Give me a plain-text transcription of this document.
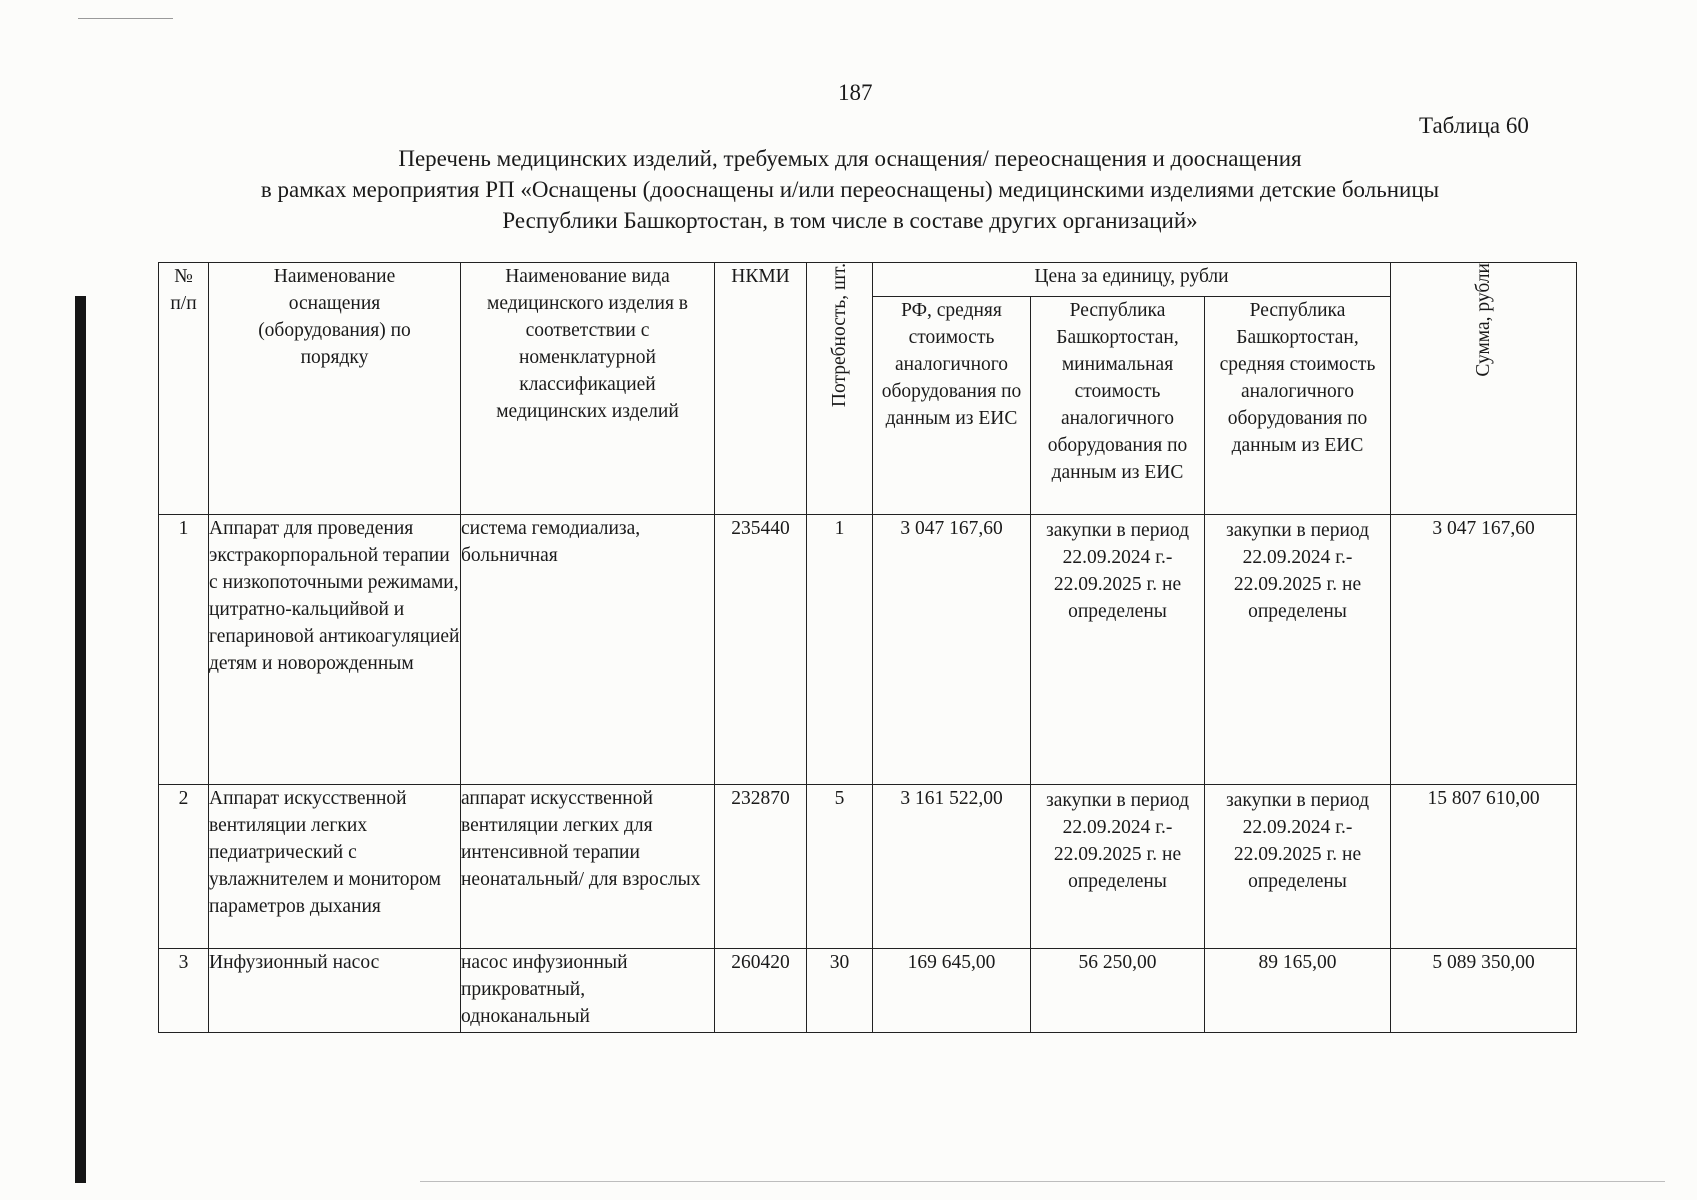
187
Таблица 60
Перечень медицинских изделий, требуемых для оснащения/ переоснащения и дооснащения
в рамках мероприятия РП «Оснащены (дооснащены и/или переоснащены) медицинскими изделиями детские больницы
Республики Башкортостан, в том числе в составе других организаций»
№ п/п	Наименование оснащения (оборудования) по порядку	Наименование вида медицинского изделия в соответствии с номенклатурной классификацией медицинских изделий	НКМИ	Потребность, шт.	Цена за единицу, рубли			Сумма, рубли

					РФ, средняя стоимость аналогичного оборудования по данным из ЕИС	Республика Башкортостан, минимальная стоимость аналогичного оборудования по данным из ЕИС	Республика Башкортостан, средняя стоимость аналогичного оборудования по данным из ЕИС	

1	Аппарат для проведения экстракорпоральной терапии с низкопоточными режимами, цитратно-кальцийвой и гепариновой антикоагуляцией детям и новорожденным	система гемодиализа, больничная	235440	1	3 047 167,60	закупки в период 22.09.2024 г.- 22.09.2025 г. не определены	закупки в период 22.09.2024 г.- 22.09.2025 г. не определены	3 047 167,60
2	Аппарат искусственной вентиляции легких педиатрический с увлажнителем и монитором параметров дыхания	аппарат искусственной вентиляции легких для интенсивной терапии неонатальный/ для взрослых	232870	5	3 161 522,00	закупки в период 22.09.2024 г.- 22.09.2025 г. не определены	закупки в период 22.09.2024 г.- 22.09.2025 г. не определены	15 807 610,00
3	Инфузионный насос	насос инфузионный прикроватный, одноканальный	260420	30	169 645,00	56 250,00	89 165,00	5 089 350,00
